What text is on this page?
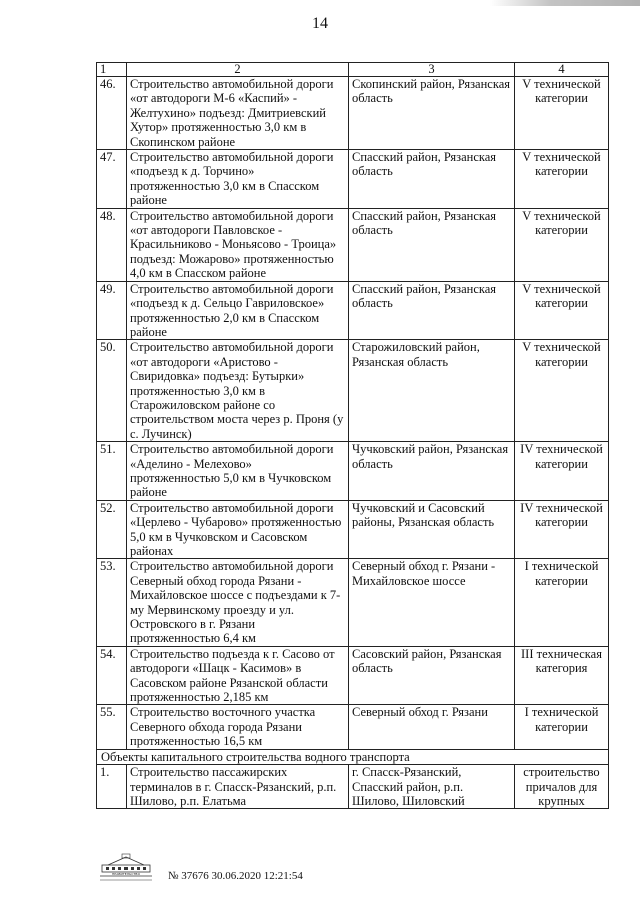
14
1	2	3	4
46.	Строительство автомобильной дороги «от автодороги М-6 «Каспий» - Желтухино» подъезд: Дмитриевский Хутор» протяженностью 3,0 км в Скопинском районе	Скопинский район, Рязанская область	V технической категории
47.	Строительство автомобильной дороги «подъезд к д. Торчино» протяженностью 3,0 км в Спасском районе	Спасский район, Рязанская область	V технической категории
48.	Строительство автомобильной дороги «от автодороги Павловское - Красильниково - Моньясово - Троица» подъезд: Можарово» протяженностью 4,0 км в Спасском районе	Спасский район, Рязанская область	V технической категории
49.	Строительство автомобильной дороги «подъезд к д. Сельцо Гавриловское» протяженностью 2,0 км в Спасском районе	Спасский район, Рязанская область	V технической категории
50.	Строительство автомобильной дороги «от автодороги «Аристово - Свиридовка» подъезд: Бутырки» протяженностью 3,0 км в Старожиловском районе со строительством моста через р. Проня (у с. Лучинск)	Старожиловский район, Рязанская область	V технической категории
51.	Строительство автомобильной дороги «Аделино - Мелехово» протяженностью 5,0 км в Чучковском районе	Чучковский район, Рязанская область	IV технической категории
52.	Строительство автомобильной дороги «Церлево - Чубарово» протяженностью 5,0 км в Чучковском и Сасовском районах	Чучковский и Сасовский районы, Рязанская область	IV технической категории
53.	Строительство автомобильной дороги Северный обход города Рязани - Михайловское шоссе с подъездами к 7-му Мервинскому проезду и ул. Островского в г. Рязани протяженностью 6,4 км	Северный обход г. Рязани - Михайловское шоссе	I технической категории
54.	Строительство подъезда к г. Сасово от автодороги «Шацк - Касимов» в Сасовском районе Рязанской области протяженностью 2,185 км	Сасовский район, Рязанская область	III техническая категория
55.	Строительство восточного участка Северного обхода города Рязани протяженностью 16,5 км	Северный обход г. Рязани	I технической категории
Объекты капитального строительства водного транспорта			
1.	Строительство пассажирских терминалов в г. Спасск-Рязанский, р.п. Шилово, р.п. Елатьма	г. Спасск-Рязанский, Спасский район, р.п. Шилово, Шиловский	строительство причалов для крупных
ПРАВИТЕЛЬСТВО	№ 37676 30.06.2020 12:21:54
